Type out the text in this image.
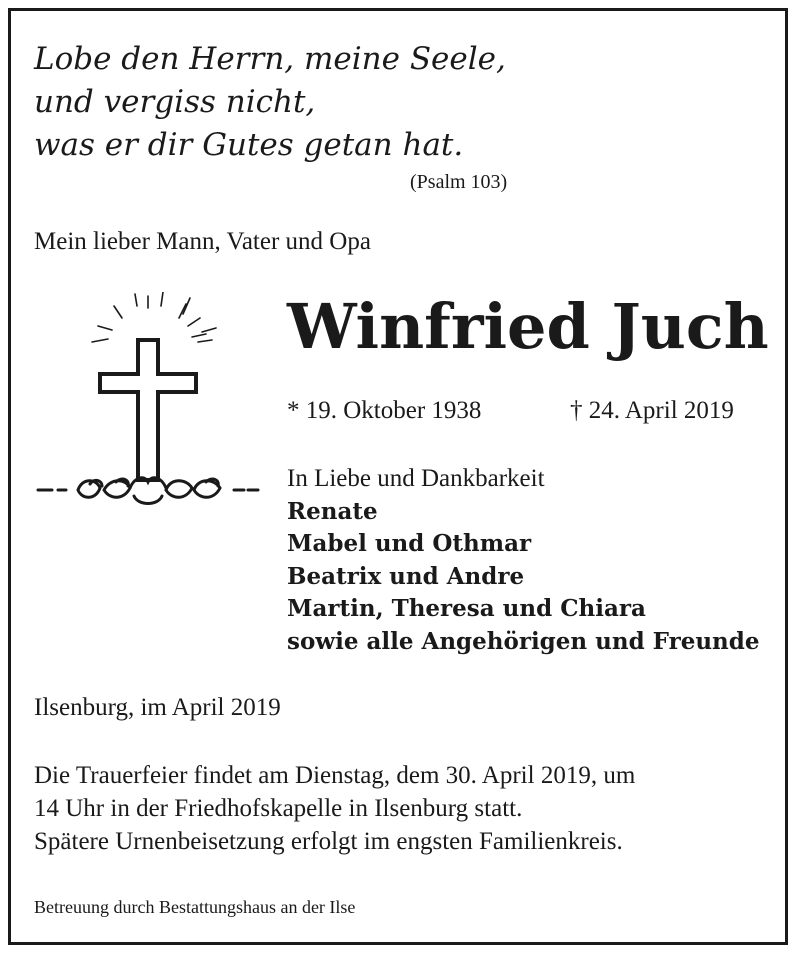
Lobe den Herrn, meine Seele,
und vergiss nicht,
was er dir Gutes getan hat.
(Psalm 103)
Mein lieber Mann, Vater und Opa
Winfried Juch
* 19. Oktober 1938	† 24. April 2019
In Liebe und Dankbarkeit
Renate
Mabel und Othmar
Beatrix und Andre
Martin, Theresa und Chiara
sowie alle Angehörigen und Freunde
Ilsenburg, im April 2019
Die Trauerfeier findet am Dienstag, dem 30. April 2019, um
14 Uhr in der Friedhofskapelle in Ilsenburg statt.
Spätere Urnenbeisetzung erfolgt im engsten Familienkreis.
Betreuung durch Bestattungshaus an der Ilse
